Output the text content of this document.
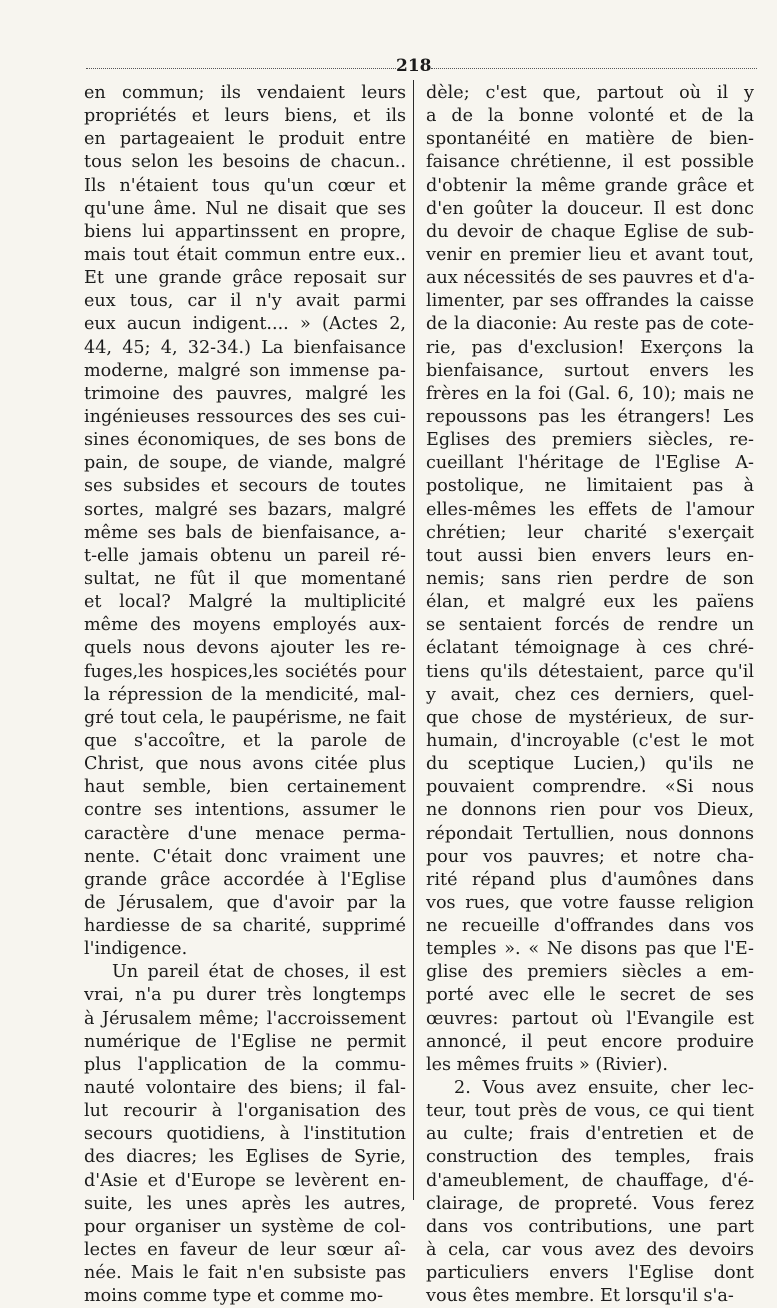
218
en commun; ils vendaient leurs
propriétés et leurs biens, et ils
en partageaient le produit entre
tous selon les besoins de chacun..
Ils n'étaient tous qu'un cœur et
qu'une âme. Nul ne disait que ses
biens lui appartinssent en propre,
mais tout était commun entre eux..
Et une grande grâce reposait sur
eux tous, car il n'y avait parmi
eux aucun indigent.... » (Actes 2,
44, 45; 4, 32-34.) La bienfaisance
moderne, malgré son immense pa-
trimoine des pauvres, malgré les
ingénieuses ressources des ses cui-
sines économiques, de ses bons de
pain, de soupe, de viande, malgré
ses subsides et secours de toutes
sortes, malgré ses bazars, malgré
même ses bals de bienfaisance, a-
t-elle jamais obtenu un pareil ré-
sultat, ne fût il que momentané
et local? Malgré la multiplicité
même des moyens employés aux-
quels nous devons ajouter les re-
fuges,les hospices,les sociétés pour
la répression de la mendicité, mal-
gré tout cela, le paupérisme, ne fait
que s'accoître, et la parole de
Christ, que nous avons citée plus
haut semble, bien certainement
contre ses intentions, assumer le
caractère d'une menace perma-
nente. C'était donc vraiment une
grande grâce accordée à l'Eglise
de Jérusalem, que d'avoir par la
hardiesse de sa charité, supprimé
l'indigence.
Un pareil état de choses, il est
vrai, n'a pu durer très longtemps
à Jérusalem même; l'accroissement
numérique de l'Eglise ne permit
plus l'application de la commu-
nauté volontaire des biens; il fal-
lut recourir à l'organisation des
secours quotidiens, à l'institution
des diacres; les Eglises de Syrie,
d'Asie et d'Europe se levèrent en-
suite, les unes après les autres,
pour organiser un système de col-
lectes en faveur de leur sœur aî-
née. Mais le fait n'en subsiste pas
moins comme type et comme mo-
dèle; c'est que, partout où il y
a de la bonne volonté et de la
spontanéité en matière de bien-
faisance chrétienne, il est possible
d'obtenir la même grande grâce et
d'en goûter la douceur. Il est donc
du devoir de chaque Eglise de sub-
venir en premier lieu et avant tout,
aux nécessités de ses pauvres et d'a-
limenter, par ses offrandes la caisse
de la diaconie: Au reste pas de cote-
rie, pas d'exclusion! Exerçons la
bienfaisance, surtout envers les
frères en la foi (Gal. 6, 10); mais ne
repoussons pas les étrangers! Les
Eglises des premiers siècles, re-
cueillant l'héritage de l'Eglise A-
postolique, ne limitaient pas à
elles-mêmes les effets de l'amour
chrétien; leur charité s'exerçait
tout aussi bien envers leurs en-
nemis; sans rien perdre de son
élan, et malgré eux les païens
se sentaient forcés de rendre un
éclatant témoignage à ces chré-
tiens qu'ils détestaient, parce qu'il
y avait, chez ces derniers, quel-
que chose de mystérieux, de sur-
humain, d'incroyable (c'est le mot
du sceptique Lucien,) qu'ils ne
pouvaient comprendre. «Si nous
ne donnons rien pour vos Dieux,
répondait Tertullien, nous donnons
pour vos pauvres; et notre cha-
rité répand plus d'aumônes dans
vos rues, que votre fausse religion
ne recueille d'offrandes dans vos
temples ». « Ne disons pas que l'E-
glise des premiers siècles a em-
porté avec elle le secret de ses
œuvres: partout où l'Evangile est
annoncé, il peut encore produire
les mêmes fruits » (Rivier).
2. Vous avez ensuite, cher lec-
teur, tout près de vous, ce qui tient
au culte; frais d'entretien et de
construction des temples, frais
d'ameublement, de chauffage, d'é-
clairage, de propreté. Vous ferez
dans vos contributions, une part
à cela, car vous avez des devoirs
particuliers envers l'Eglise dont
vous êtes membre. Et lorsqu'il s'a-
